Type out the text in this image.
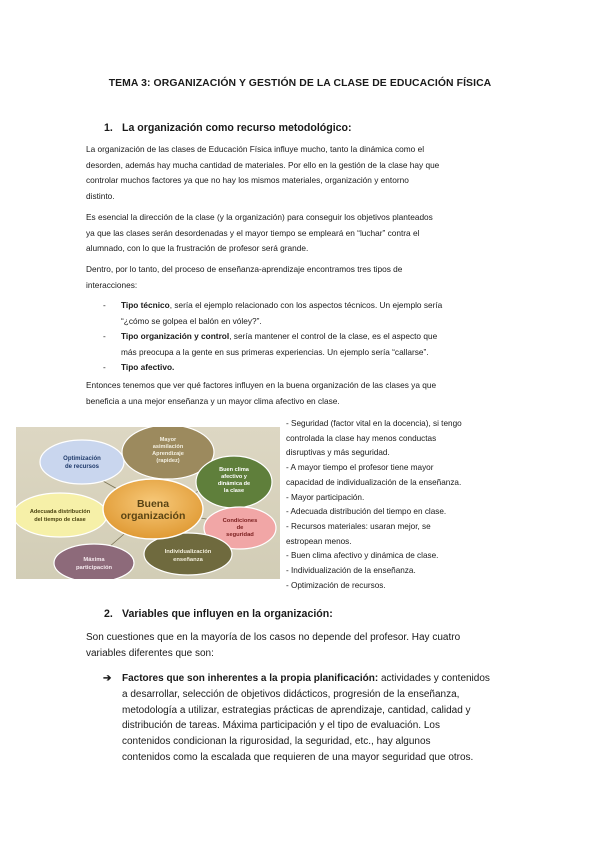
TEMA 3: ORGANIZACIÓN Y GESTIÓN DE LA CLASE DE EDUCACIÓN FÍSICA
1. La organización como recurso metodológico:
La organización de las clases de Educación Física influye mucho, tanto la dinámica como el
desorden, además hay mucha cantidad de materiales. Por ello en la gestión de la clase hay que
controlar muchos factores ya que no hay los mismos materiales, organización y entorno
distinto.
Es esencial la dirección de la clase (y la organización) para conseguir los objetivos planteados
ya que las clases serán desordenadas y el mayor tiempo se empleará en “luchar” contra el
alumnado, con lo que la frustración de profesor será grande.
Dentro, por lo tanto, del proceso de enseñanza-aprendizaje encontramos tres tipos de
interacciones:
- Tipo técnico, sería el ejemplo relacionado con los aspectos técnicos. Un ejemplo sería
“¿cómo se golpea el balón en vóley?”.
- Tipo organización y control, sería mantener el control de la clase, es el aspecto que
más preocupa a la gente en sus primeras experiencias. Un ejemplo sería “callarse”.
- Tipo afectivo.
Entonces tenemos que ver qué factores influyen en la buena organización de las clases ya que
beneficia a una mejor enseñanza y un mayor clima afectivo en clase.
Buena
organización
Optimización
de recursos
Mayor
asimilación
Aprendizaje
(rapidez)
Buen clima
afectivo y
dinámica de
la clase
Condiciones
de
seguridad
Individualización
enseñanza
Máxima
participación
Adecuada distribución
del tiempo de clase
- Seguridad (factor vital en la docencia), si tengo
controlada la clase hay menos conductas
disruptivas y más seguridad.
- A mayor tiempo el profesor tiene mayor
capacidad de individualización de la enseñanza.
- Mayor participación.
- Adecuada distribución del tiempo en clase.
- Recursos materiales: usaran mejor, se
estropean menos.
- Buen clima afectivo y dinámica de clase.
- Individualización de la enseñanza.
- Optimización de recursos.
2. Variables que influyen en la organización:
Son cuestiones que en la mayoría de los casos no depende del profesor. Hay cuatro
variables diferentes que son:
➔ Factores que son inherentes a la propia planificación: actividades y contenidos
a desarrollar, selección de objetivos didácticos, progresión de la enseñanza,
metodología a utilizar, estrategias prácticas de aprendizaje, cantidad, calidad y
distribución de tareas. Máxima participación y el tipo de evaluación. Los
contenidos condicionan la rigurosidad, la seguridad, etc., hay algunos
contenidos como la escalada que requieren de una mayor seguridad que otros.
